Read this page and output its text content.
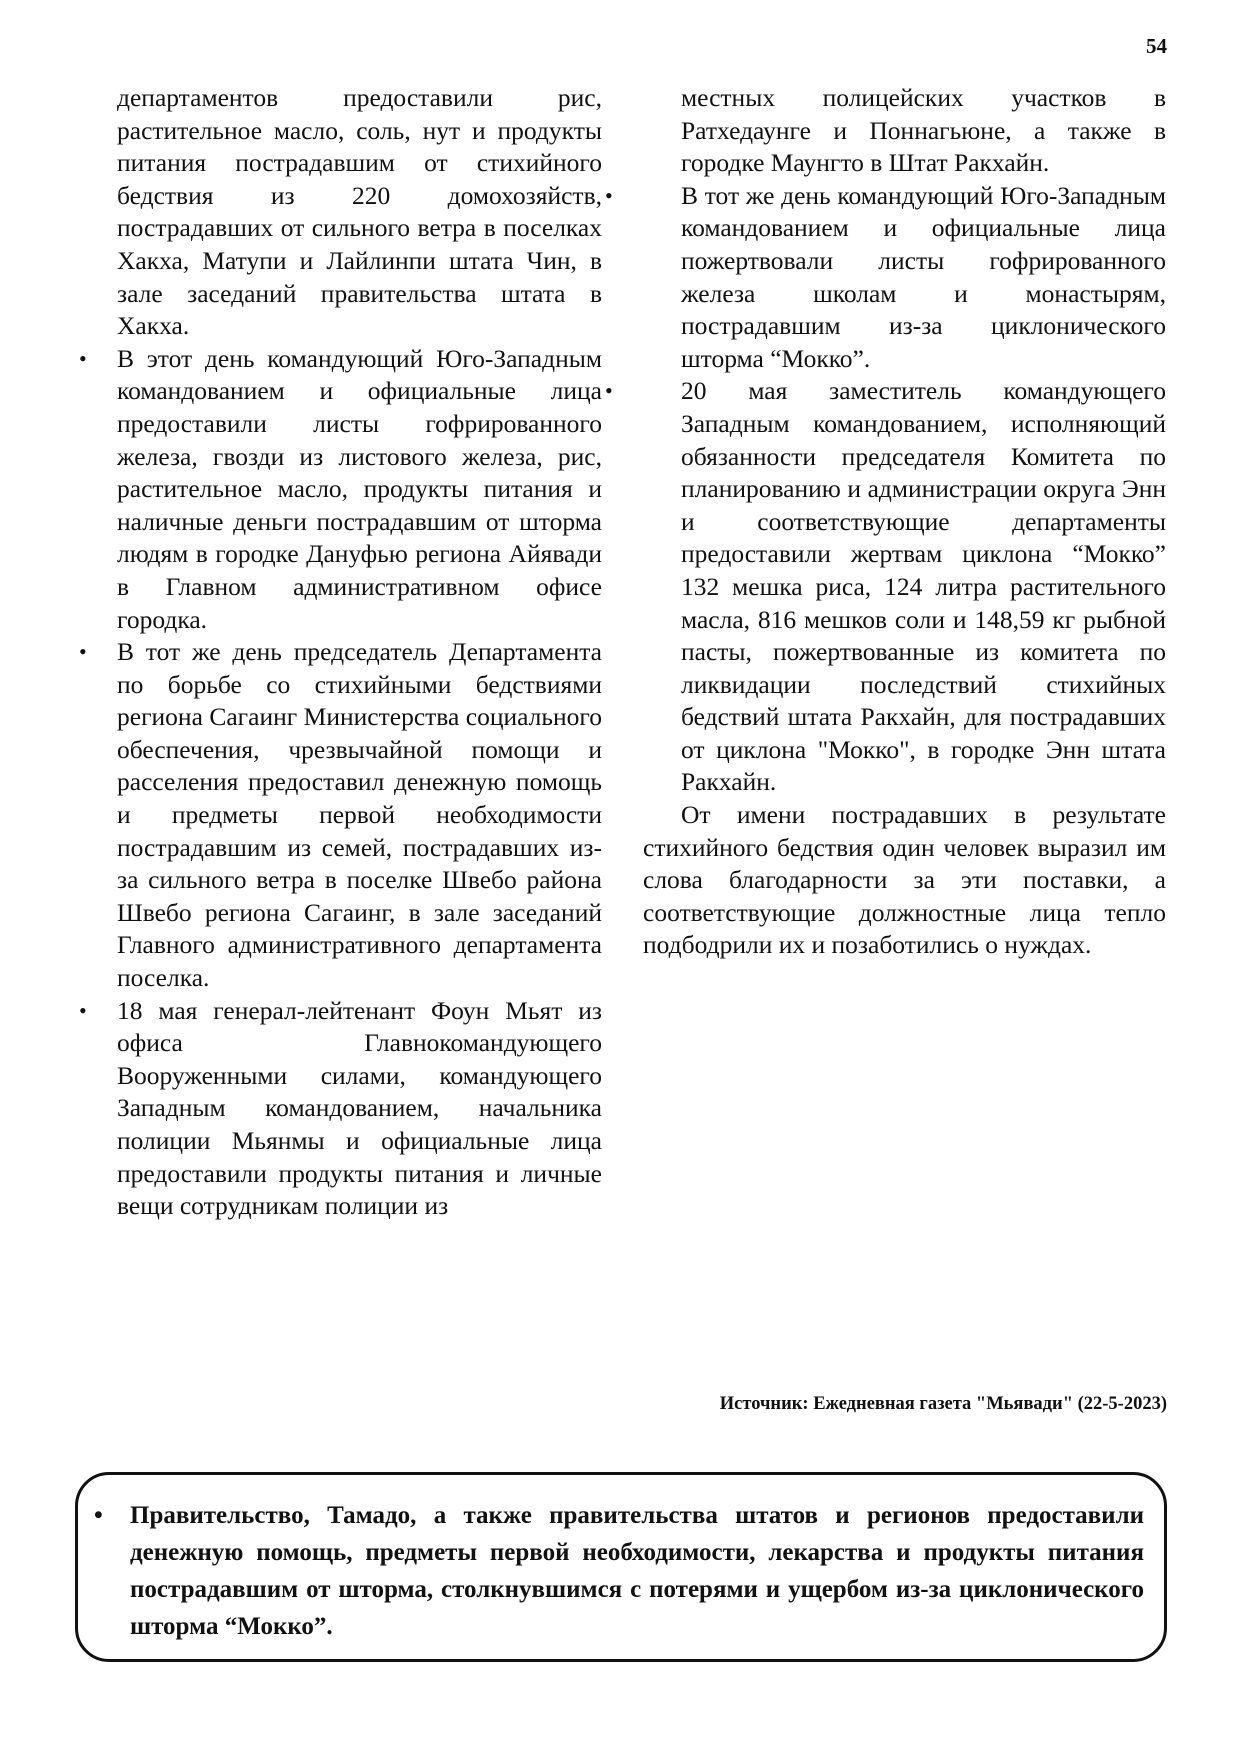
54

департаментов предоставили рис, растительное масло, соль, нут и продукты питания пострадавшим от стихийного бедствия из 220 домохозяйств, пострадавших от сильного ветра в поселках Хакха, Матупи и Лайлинпи штата Чин, в зале заседаний правительства штата в Хакха.

• В этот день командующий Юго-Западным командованием и официальные лица предоставили листы гофрированного железа, гвозди из листового железа, рис, растительное масло, продукты питания и наличные деньги пострадавшим от шторма людям в городке Дануфью региона Айявади в Главном административном офисе городка.
• В тот же день председатель Департамента по борьбе со стихийными бедствиями региона Сагаинг Министерства социального обеспечения, чрезвычайной помощи и расселения предоставил денежную помощь и предметы первой необходимости пострадавшим из семей, пострадавших из-за сильного ветра в поселке Швебо района Швебо региона Сагаинг, в зале заседаний Главного административного департамента поселка.
• 18 мая генерал-лейтенант Фоун Мьят из офиса Главнокомандующего Вооруженными силами, командующего Западным командованием, начальника полиции Мьянмы и официальные лица предоставили продукты питания и личные вещи сотрудникам полиции из

местных полицейских участков в Ратхедаунге и Поннагьюне, а также в городке Маунгто в Штат Ракхайн.

• В тот же день командующий Юго-Западным командованием и официальные лица пожертвовали листы гофрированного железа школам и монастырям, пострадавшим из-за циклонического шторма “Мокко”.
• 20 мая заместитель командующего Западным командованием, исполняющий обязанности председателя Комитета по планированию и администрации округа Энн и соответствующие департаменты предоставили жертвам циклона “Мокко” 132 мешка риса, 124 литра растительного масла, 816 мешков соли и 148,59 кг рыбной пасты, пожертвованные из комитета по ликвидации последствий стихийных бедствий штата Ракхайн, для пострадавших от циклона "Мокко", в городке Энн штата Ракхайн.

От имени пострадавших в результате стихийного бедствия один человек выразил им слова благодарности за эти поставки, а соответствующие должностные лица тепло подбодрили их и позаботились о нуждах.

Источник: Ежедневная газета "Мьявади" (22-5-2023)
• Правительство, Тамадо, а также правительства штатов и регионов предоставили денежную помощь, предметы первой необходимости, лекарства и продукты питания пострадавшим от шторма, столкнувшимся с потерями и ущербом из-за циклонического шторма “Мокко”.
